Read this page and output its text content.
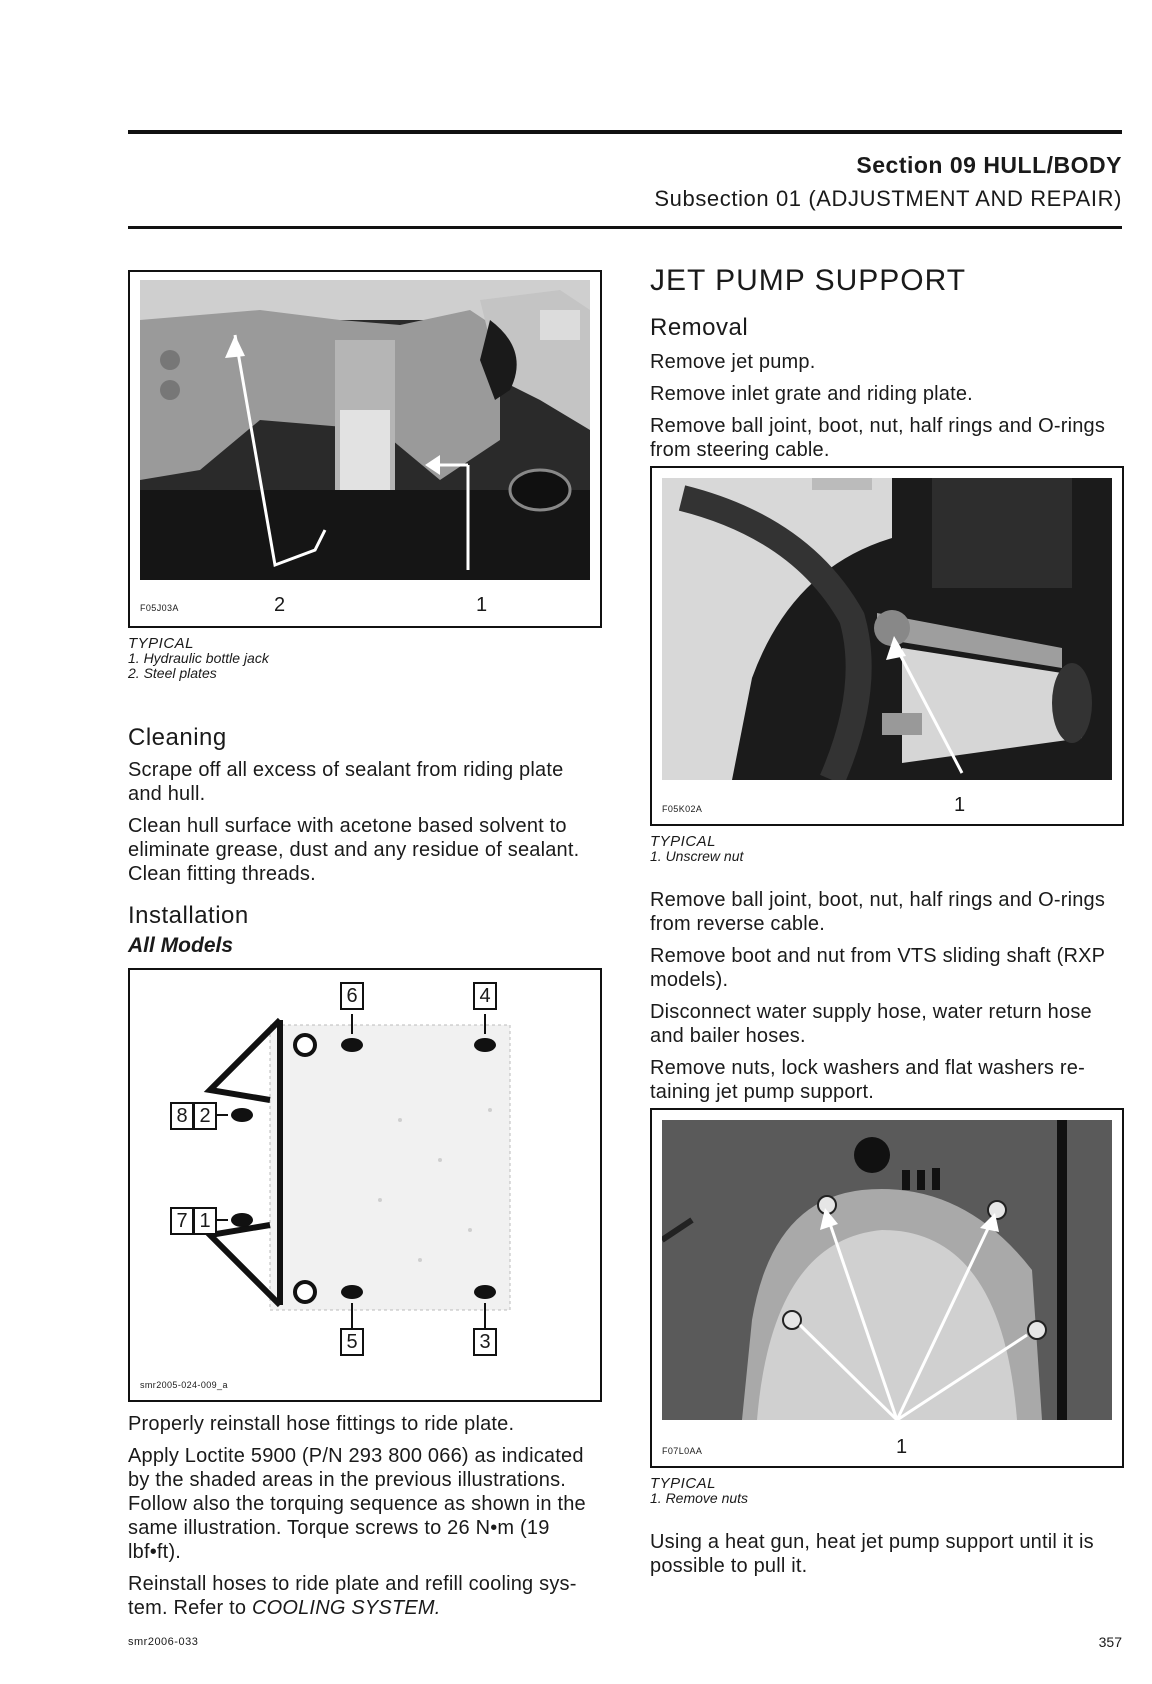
Section 09 HULL/BODY
Subsection 01 (ADJUSTMENT AND REPAIR)
F05J03A	2	1
TYPICAL
1. Hydraulic bottle jack
2. Steel plates
Cleaning

Scrape off all excess of sealant from riding plate and hull.

Clean hull surface with acetone based solvent to eliminate grease, dust and any residue of sealant. Clean fitting threads.

Installation
All Models
6	4
8 2
7 1
5	3
smr2005-024-009_a

Properly reinstall hose fittings to ride plate.

Apply Loctite 5900 (P/N 293 800 066) as indicated by the shaded areas in the previous illustrations. Follow also the torquing sequence as shown in the same illustration. Torque screws to 26 N•m (19 lbf•ft).

Reinstall hoses to ride plate and refill cooling sys-tem. Refer to COOLING SYSTEM.

JET PUMP SUPPORT
Removal

Remove jet pump.

Remove inlet grate and riding plate.

Remove ball joint, boot, nut, half rings and O-rings from steering cable.

F05K02A	1
TYPICAL
1. Unscrew nut

Remove ball joint, boot, nut, half rings and O-rings from reverse cable.

Remove boot and nut from VTS sliding shaft (RXP models).

Disconnect water supply hose, water return hose and bailer hoses.

Remove nuts, lock washers and flat washers re-taining jet pump support.

F07L0AA	1
TYPICAL
1. Remove nuts

Using a heat gun, heat jet pump support until it is possible to pull it.

smr2006-033	357
